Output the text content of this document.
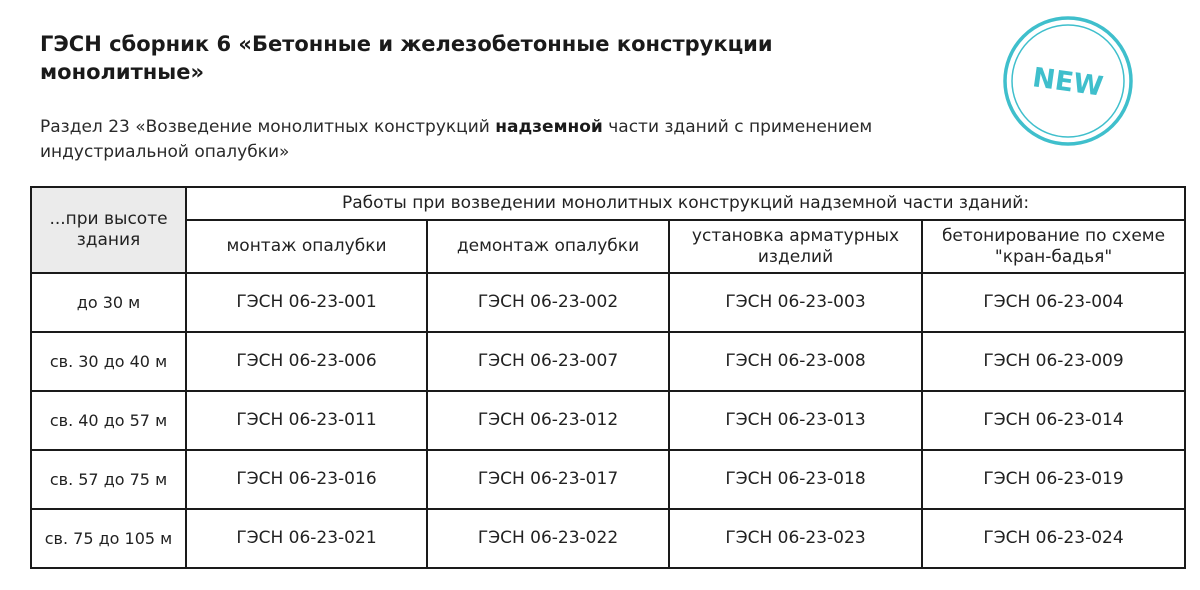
ГЭСН сборник 6 «Бетонные и железобетонные конструкции монолитные»

Раздел 23 «Возведение монолитных конструкций надземной части зданий с применением индустриальной опалубки»

NEW
...при высоте здания	Работы при возведении монолитных конструкций надземной части зданий:			
	монтаж опалубки	демонтаж опалубки	установка арматурных изделий	бетонирование по схеме "кран-бадья"
до 30 м	ГЭСН 06-23-001	ГЭСН 06-23-002	ГЭСН 06-23-003	ГЭСН 06-23-004
св. 30 до 40 м	ГЭСН 06-23-006	ГЭСН 06-23-007	ГЭСН 06-23-008	ГЭСН 06-23-009
св. 40 до 57 м	ГЭСН 06-23-011	ГЭСН 06-23-012	ГЭСН 06-23-013	ГЭСН 06-23-014
св. 57 до 75 м	ГЭСН 06-23-016	ГЭСН 06-23-017	ГЭСН 06-23-018	ГЭСН 06-23-019
св. 75 до 105 м	ГЭСН 06-23-021	ГЭСН 06-23-022	ГЭСН 06-23-023	ГЭСН 06-23-024
